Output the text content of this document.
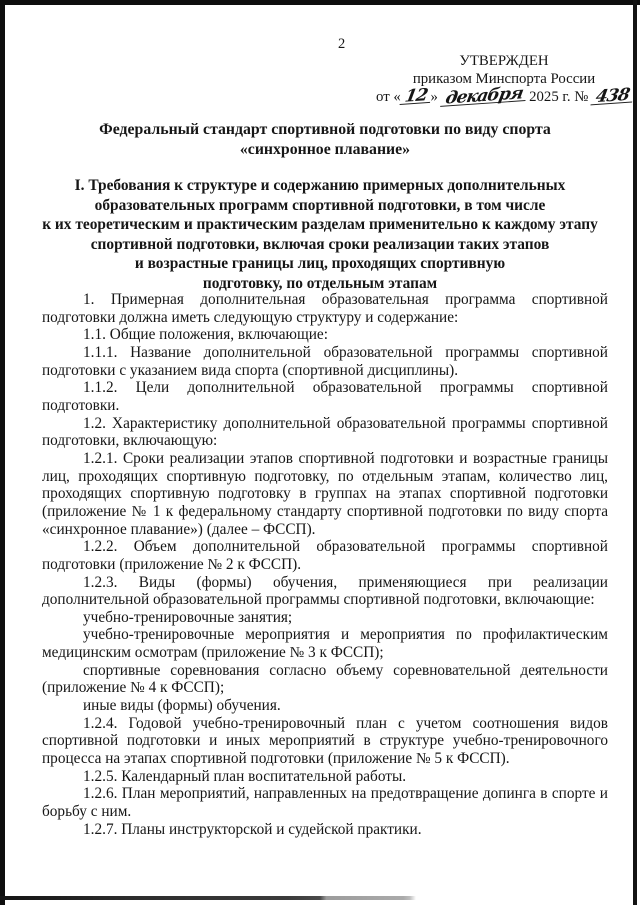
2
УТВЕРЖДЕН
приказом Минспорта России
от « 12 » декабря 2025 г. № 438
Федеральный стандарт спортивной подготовки по виду спорта
«синхронное плавание»
I. Требования к структуре и содержанию примерных дополнительных
образовательных программ спортивной подготовки, в том числе
к их теоретическим и практическим разделам применительно к каждому этапу
спортивной подготовки, включая сроки реализации таких этапов
и возрастные границы лиц, проходящих спортивную
подготовку, по отдельным этапам

1. Примерная дополнительная образовательная программа спортивной подготовки должна иметь следующую структуру и содержание:

1.1. Общие положения, включающие:

1.1.1. Название дополнительной образовательной программы спортивной подготовки с указанием вида спорта (спортивной дисциплины).

1.1.2. Цели дополнительной образовательной программы спортивной подготовки.

1.2. Характеристику дополнительной образовательной программы спортивной подготовки, включающую:

1.2.1. Сроки реализации этапов спортивной подготовки и возрастные границы лиц, проходящих спортивную подготовку, по отдельным этапам, количество лиц, проходящих спортивную подготовку в группах на этапах спортивной подготовки (приложение № 1 к федеральному стандарту спортивной подготовки по виду спорта «синхронное плавание») (далее – ФССП).

1.2.2. Объем дополнительной образовательной программы спортивной подготовки (приложение № 2 к ФССП).

1.2.3. Виды (формы) обучения, применяющиеся при реализации дополнительной образовательной программы спортивной подготовки, включающие:

учебно-тренировочные занятия;

учебно-тренировочные мероприятия и мероприятия по профилактическим медицинским осмотрам (приложение № 3 к ФССП);

спортивные соревнования согласно объему соревновательной деятельности (приложение № 4 к ФССП);

иные виды (формы) обучения.

1.2.4. Годовой учебно-тренировочный план с учетом соотношения видов спортивной подготовки и иных мероприятий в структуре учебно-тренировочного процесса на этапах спортивной подготовки (приложение № 5 к ФССП).

1.2.5. Календарный план воспитательной работы.

1.2.6. План мероприятий, направленных на предотвращение допинга в спорте и борьбу с ним.

1.2.7. Планы инструкторской и судейской практики.
